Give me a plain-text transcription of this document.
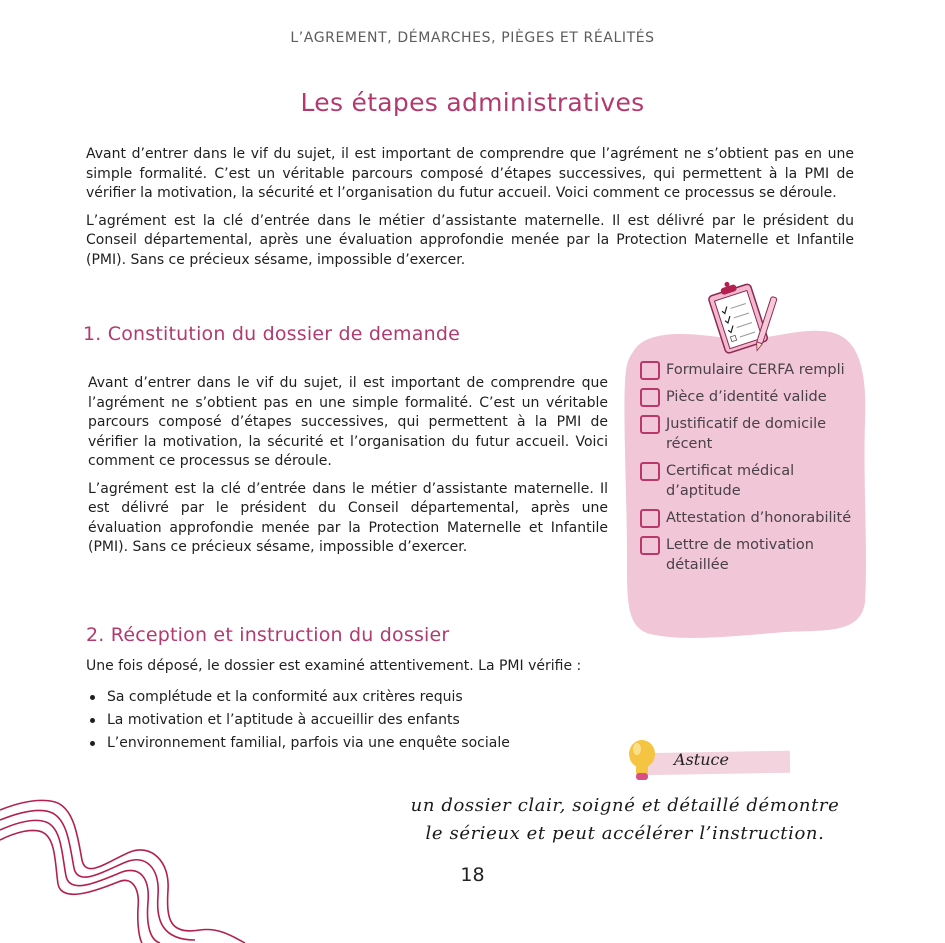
L’AGREMENT, DÉMARCHES, PIÈGES ET RÉALITÉS
Les étapes administratives

Avant d’entrer dans le vif du sujet, il est important de comprendre que l’agrément ne s’obtient pas en une simple formalité. C’est un véritable parcours composé d’étapes successives, qui permettent à la PMI de vérifier la motivation, la sécurité et l’organisation du futur accueil. Voici comment ce processus se déroule.

L’agrément est la clé d’entrée dans le métier d’assistante maternelle. Il est délivré par le président du Conseil départemental, après une évaluation approfondie menée par la Protection Maternelle et Infantile (PMI). Sans ce précieux sésame, impossible d’exercer.

1. Constitution du dossier de demande

Avant d’entrer dans le vif du sujet, il est important de comprendre que l’agrément ne s’obtient pas en une simple formalité. C’est un véritable parcours composé d’étapes successives, qui permettent à la PMI de vérifier la motivation, la sécurité et l’organisation du futur accueil. Voici comment ce processus se déroule.

L’agrément est la clé d’entrée dans le métier d’assistante maternelle. Il est délivré par le président du Conseil départemental, après une évaluation approfondie menée par la Protection Maternelle et Infantile (PMI). Sans ce précieux sésame, impossible d’exercer.

Formulaire CERFA rempli
Pièce d’identité valide
Justificatif de domicile récent
Certificat médical d’aptitude
Attestation d’honorabilité
Lettre de motivation détaillée
2. Réception et instruction du dossier
Une fois déposé, le dossier est examiné attentivement. La PMI vérifie :
Sa complétude et la conformité aux critères requis
La motivation et l’aptitude à accueillir des enfants
L’environnement familial, parfois via une enquête sociale
Astuce
un dossier clair, soigné et détaillé démontre
le sérieux et peut accélérer l’instruction.
18
